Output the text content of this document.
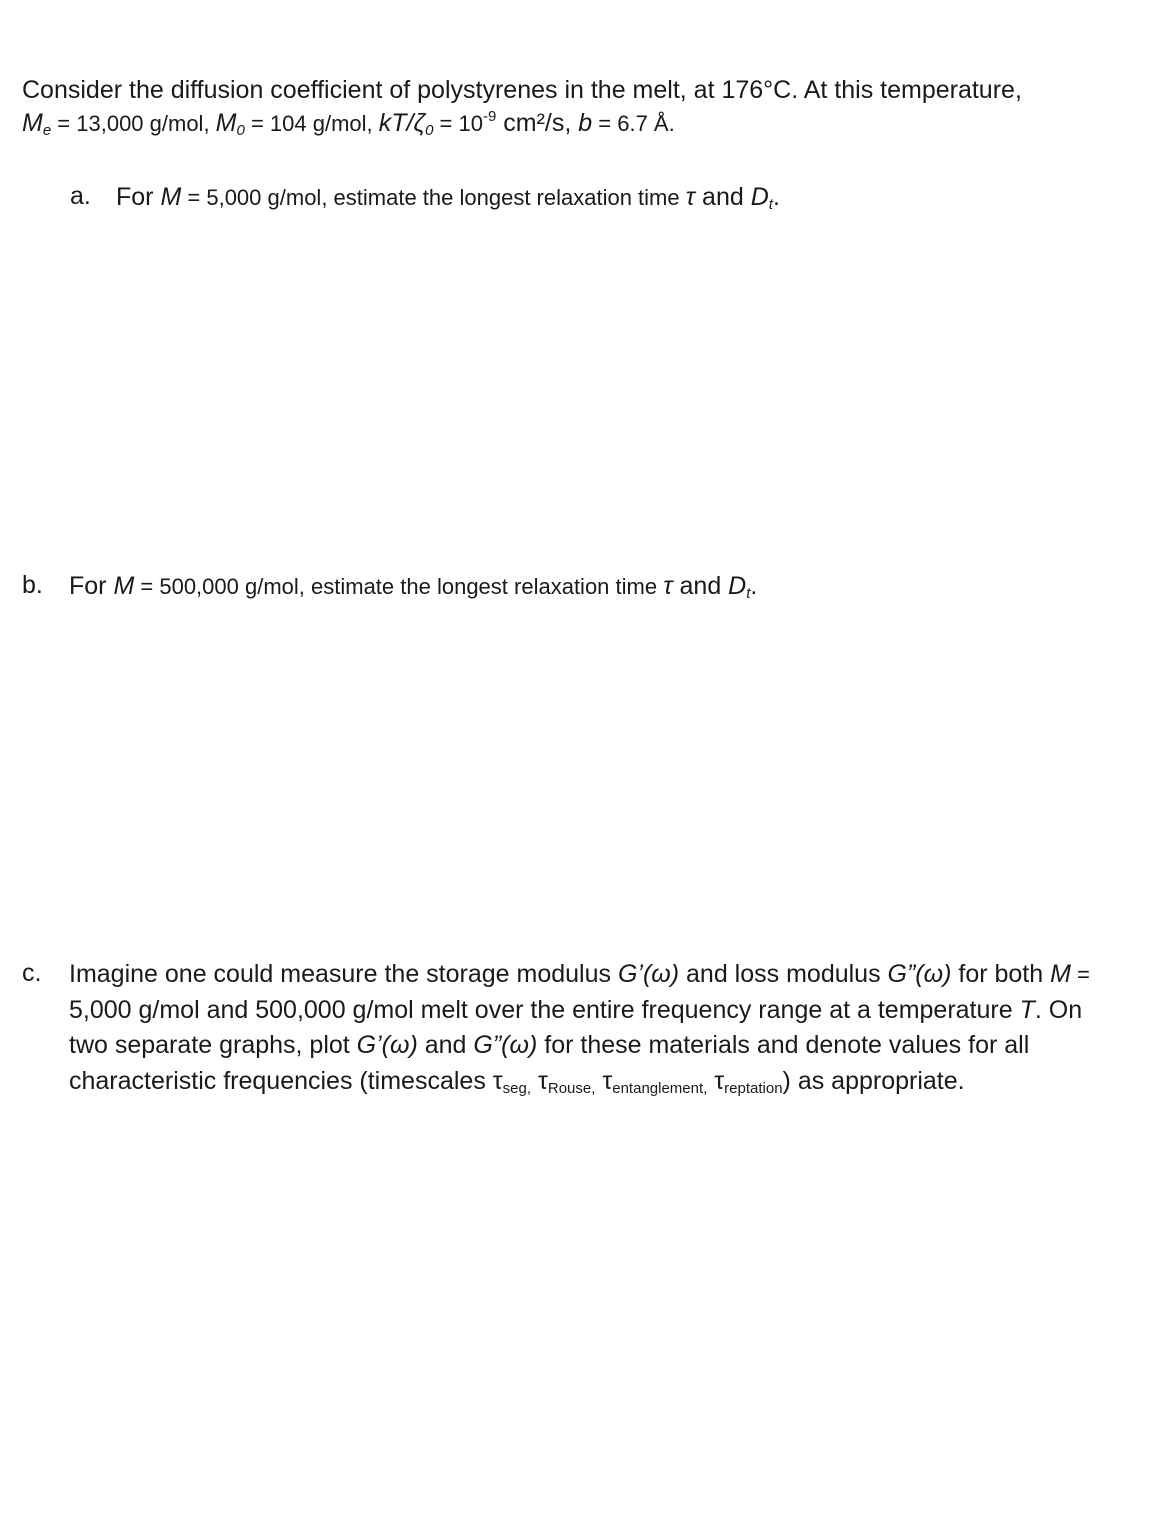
Consider the diffusion coefficient of polystyrenes in the melt, at 176°C. At this temperature,
$M_e = 13,000$ g/mol, $M_0 = 104$ g/mol, $kT/\zeta_0 = 10^{-9}$ cm²/s, b = 6.7 Å.
a. For M = 5,000 g/mol, estimate the longest relaxation time τ and $D_t$.
b. For M = 500,000 g/mol, estimate the longest relaxation time τ and $D_t$.
c. Imagine one could measure the storage modulus G’(ω) and loss modulus G”(ω) for both M =
5,000 g/mol and 500,000 g/mol melt over the entire frequency range at a temperature T. On
two separate graphs, plot G’(ω) and G”(ω) for these materials and denote values for all
characteristic frequencies (timescales $\tau_{seg,}$ $\tau_{Rouse,}$ $\tau_{entanglement,}$ $\tau_{reptation}$) as appropriate.
